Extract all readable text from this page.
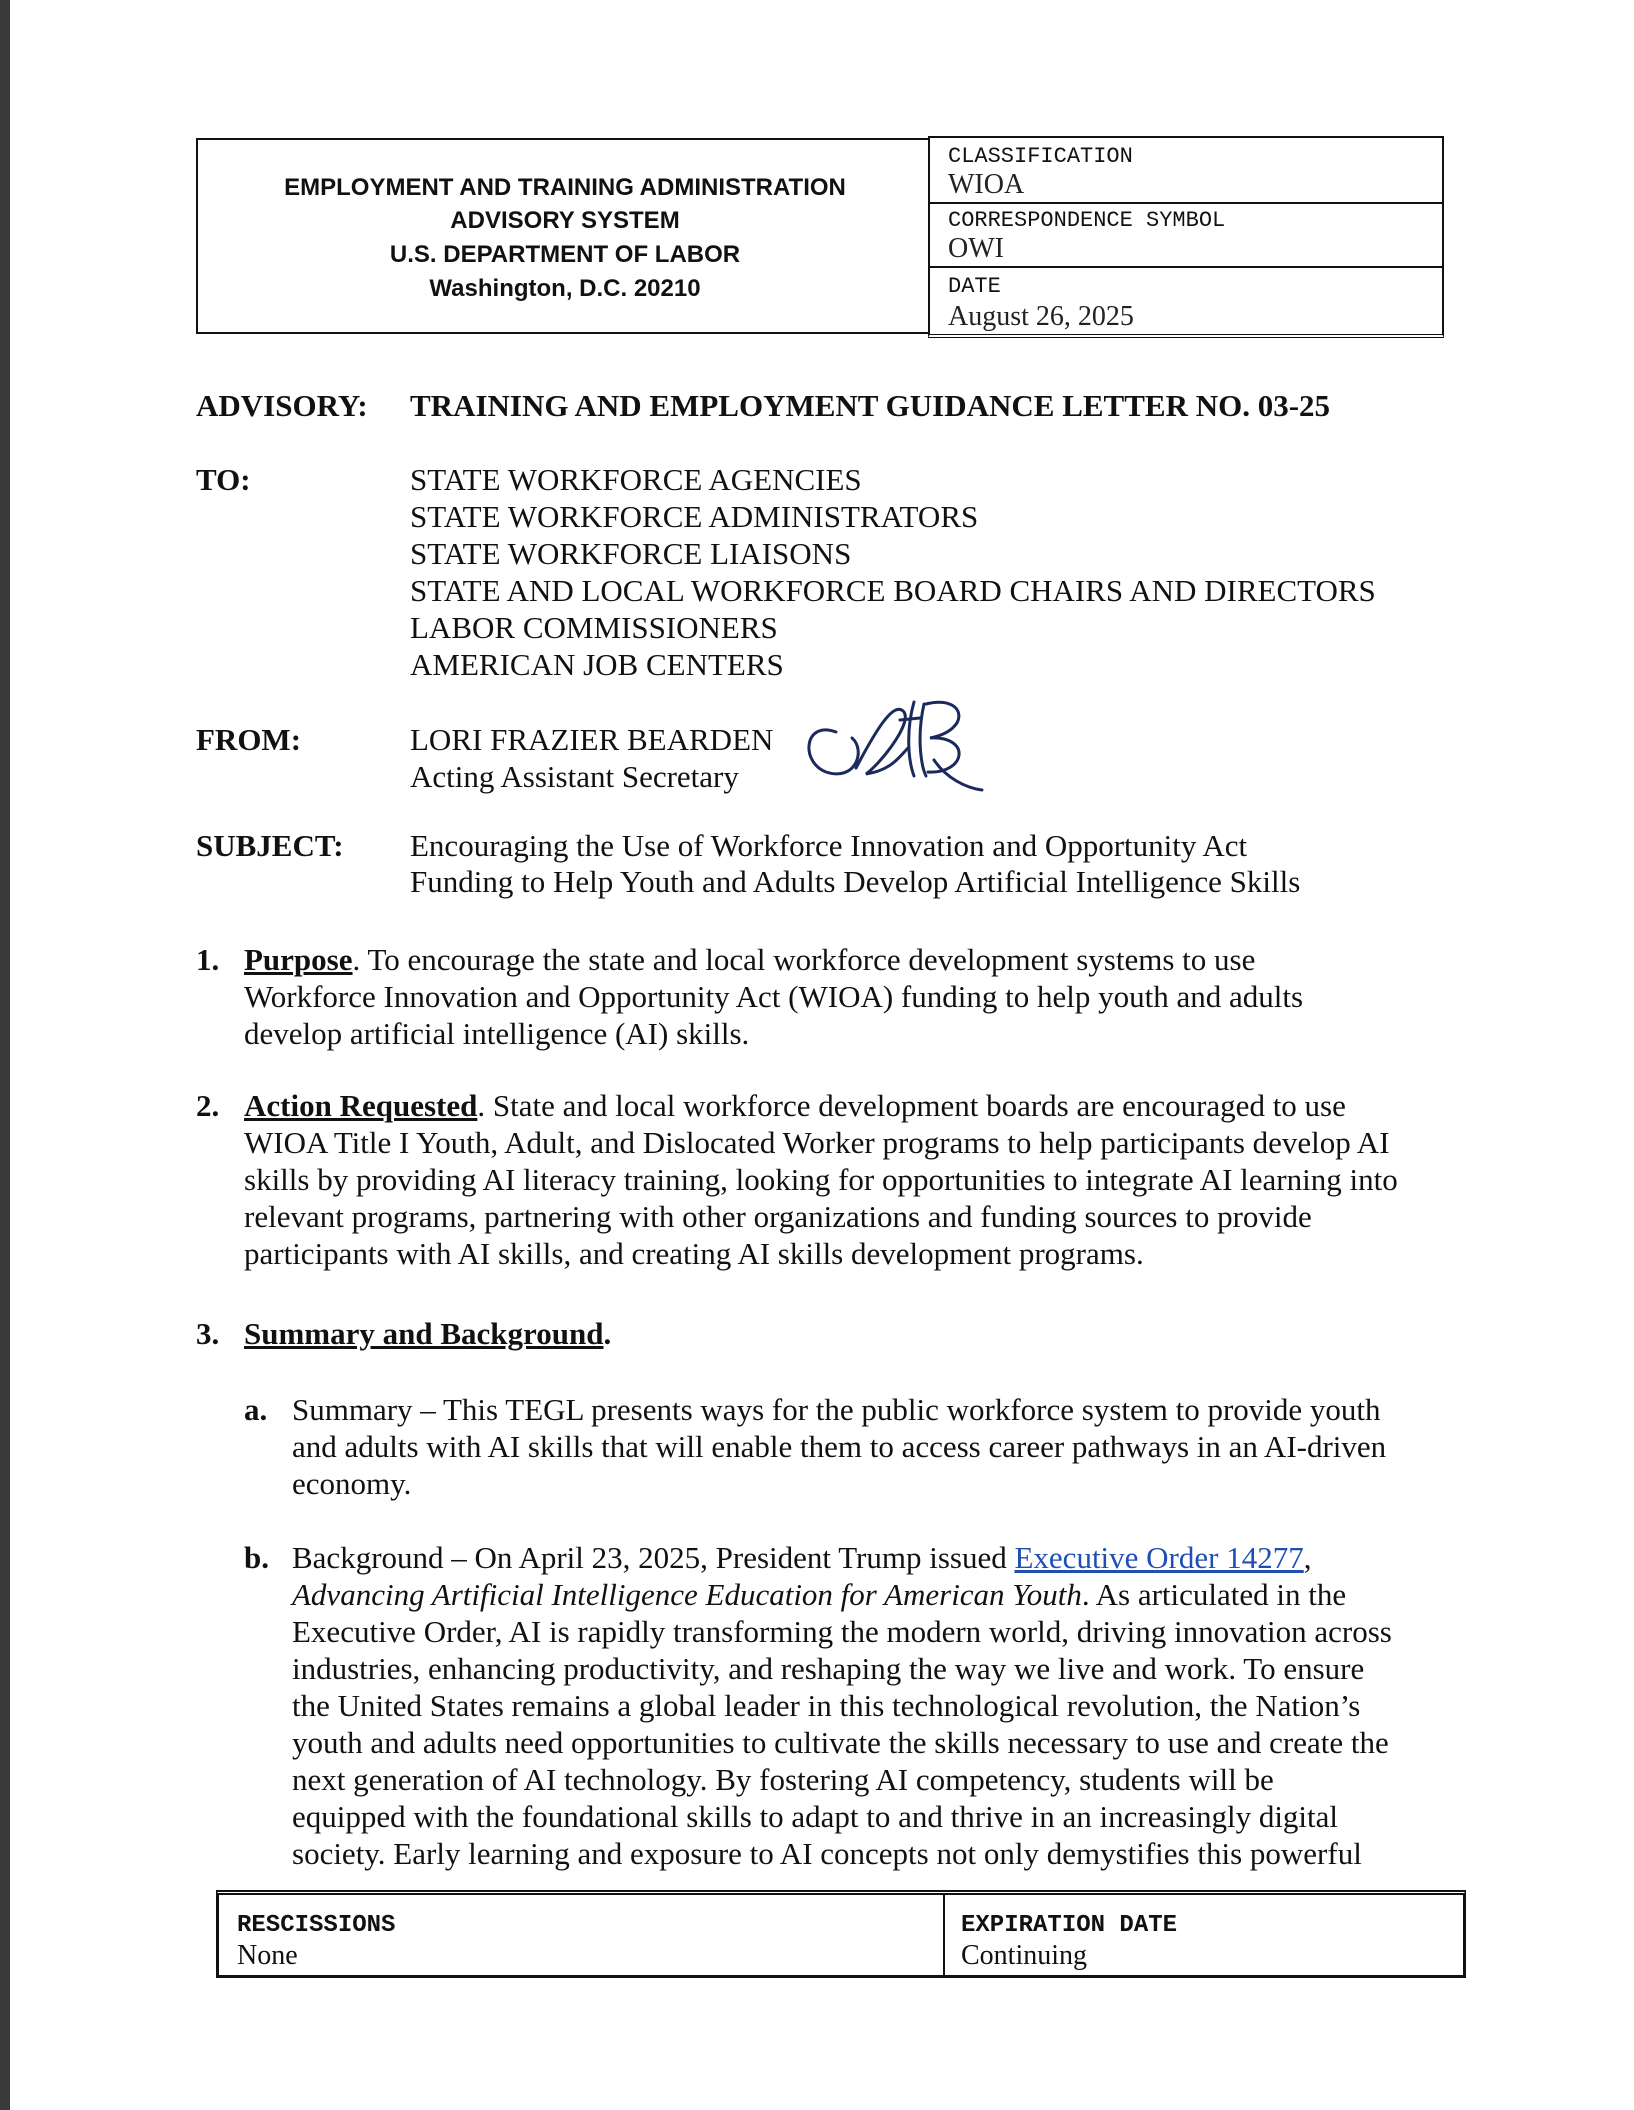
EMPLOYMENT AND TRAINING ADMINISTRATION
ADVISORY SYSTEM
U.S. DEPARTMENT OF LABOR
Washington, D.C. 20210
CLASSIFICATION
WIOA
CORRESPONDENCE SYMBOL
OWI
DATE
August 26, 2025
ADVISORY: TRAINING AND EMPLOYMENT GUIDANCE LETTER NO. 03-25
TO:	STATE WORKFORCE AGENCIES
STATE WORKFORCE ADMINISTRATORS
STATE WORKFORCE LIAISONS
STATE AND LOCAL WORKFORCE BOARD CHAIRS AND DIRECTORS
LABOR COMMISSIONERS
AMERICAN JOB CENTERS
FROM:	LORI FRAZIER BEARDEN
Acting Assistant Secretary
SUBJECT: Encouraging the Use of Workforce Innovation and Opportunity Act
Funding to Help Youth and Adults Develop Artificial Intelligence Skills
1. Purpose. To encourage the state and local workforce development systems to use
Workforce Innovation and Opportunity Act (WIOA) funding to help youth and adults
develop artificial intelligence (AI) skills.
2. Action Requested. State and local workforce development boards are encouraged to use
WIOA Title I Youth, Adult, and Dislocated Worker programs to help participants develop AI
skills by providing AI literacy training, looking for opportunities to integrate AI learning into
relevant programs, partnering with other organizations and funding sources to provide
participants with AI skills, and creating AI skills development programs.
3. Summary and Background.
a. Summary – This TEGL presents ways for the public workforce system to provide youth
and adults with AI skills that will enable them to access career pathways in an AI-driven
economy.
b. Background – On April 23, 2025, President Trump issued Executive Order 14277,
Advancing Artificial Intelligence Education for American Youth. As articulated in the
Executive Order, AI is rapidly transforming the modern world, driving innovation across
industries, enhancing productivity, and reshaping the way we live and work. To ensure
the United States remains a global leader in this technological revolution, the Nation’s
youth and adults need opportunities to cultivate the skills necessary to use and create the
next generation of AI technology. By fostering AI competency, students will be
equipped with the foundational skills to adapt to and thrive in an increasingly digital
society. Early learning and exposure to AI concepts not only demystifies this powerful
RESCISSIONS
None
EXPIRATION DATE
Continuing
